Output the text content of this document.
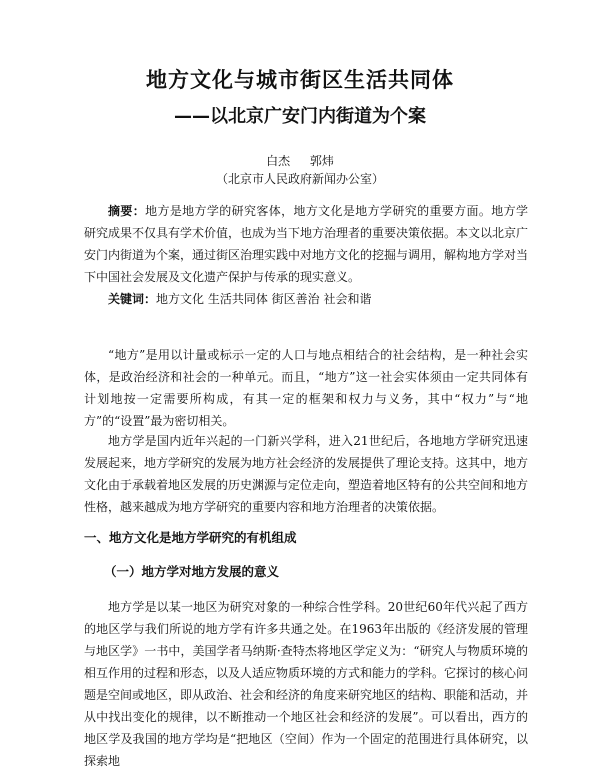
地方文化与城市街区生活共同体
——以北京广安门内街道为个案
白杰 郭炜
（北京市人民政府新闻办公室）
摘要：地方是地方学的研究客体，地方文化是地方学研究的重要方面。地方学研究成果不仅具有学术价值，也成为当下地方治理者的重要决策依据。本文以北京广安门内街道为个案，通过街区治理实践中对地方文化的挖掘与调用，解构地方学对当下中国社会发展及文化遗产保护与传承的现实意义。
关键词：地方文化 生活共同体 街区善治 社会和谐
“地方”是用以计量或标示一定的人口与地点相结合的社会结构，是一种社会实体，是政治经济和社会的一种单元。而且，“地方”这一社会实体须由一定共同体有计划地按一定需要所构成，有其一定的框架和权力与义务，其中“权力”与“地方”的“设置”最为密切相关。
地方学是国内近年兴起的一门新兴学科，进入21世纪后，各地地方学研究迅速发展起来，地方学研究的发展为地方社会经济的发展提供了理论支持。这其中，地方文化由于承载着地区发展的历史渊源与定位走向，塑造着地区特有的公共空间和地方性格，越来越成为地方学研究的重要内容和地方治理者的决策依据。
一、地方文化是地方学研究的有机组成
（一）地方学对地方发展的意义
地方学是以某一地区为研究对象的一种综合性学科。20世纪60年代兴起了西方的地区学与我们所说的地方学有许多共通之处。在1963年出版的《经济发展的管理与地区学》一书中，美国学者马纳斯·查特杰将地区学定义为：“研究人与物质环境的相互作用的过程和形态，以及人适应物质环境的方式和能力的学科。它探讨的核心问题是空间或地区，即从政治、社会和经济的角度来研究地区的结构、职能和活动，并从中找出变化的规律，以不断推动一个地区社会和经济的发展”。可以看出，西方的地区学及我国的地方学均是“把地区（空间）作为一个固定的范围进行具体研究，以探索地
